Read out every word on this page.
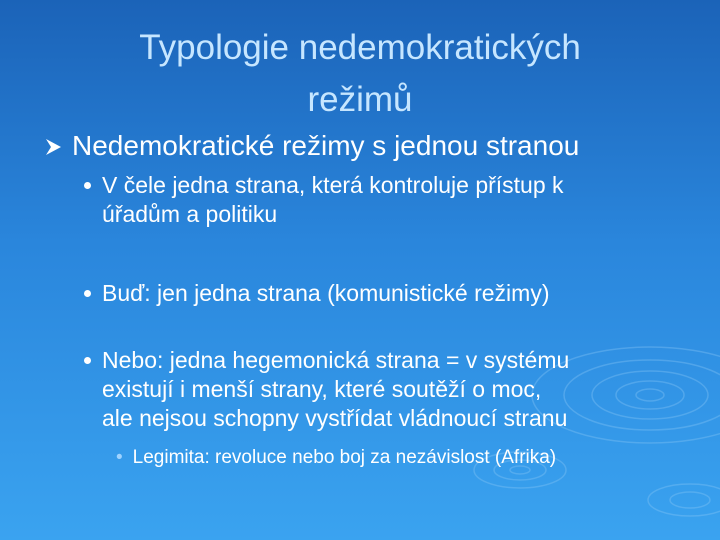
Typologie nedemokratických
režimů
Nedemokratické režimy s jednou stranou
V čele jedna strana, která kontroluje přístup k
úřadům a politiku
Buď: jen jedna strana (komunistické režimy)
Nebo: jedna hegemonická strana = v systému
existují i menší strany, které soutěží o moc,
ale nejsou schopny vystřídat vládnoucí stranu
• Legimita: revoluce nebo boj za nezávislost (Afrika)
